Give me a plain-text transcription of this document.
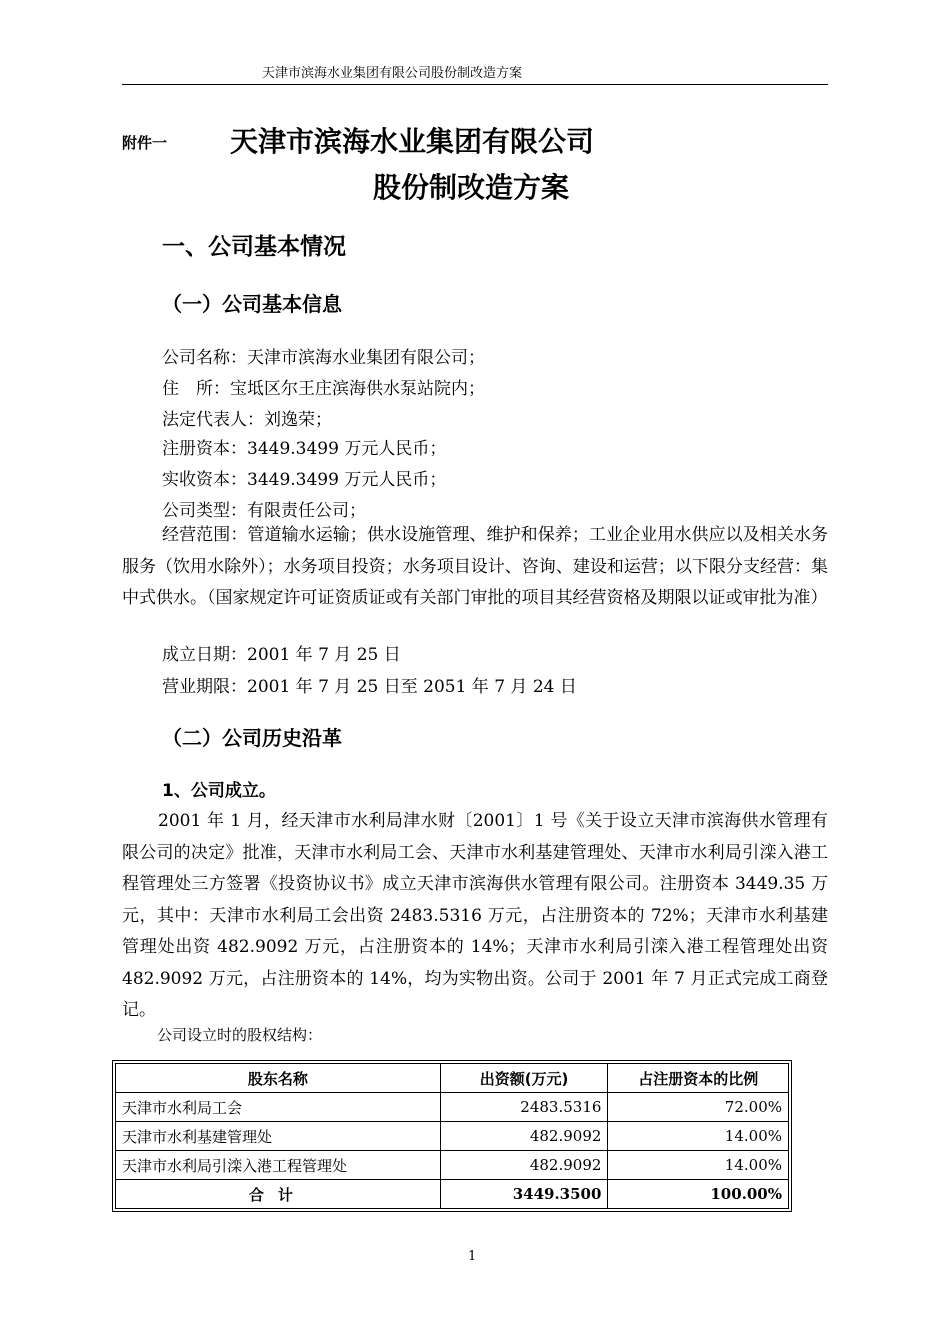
天津市滨海水业集团有限公司股份制改造方案
附件一 天津市滨海水业集团有限公司
股份制改造方案
一、公司基本情况
（一）公司基本信息
公司名称：天津市滨海水业集团有限公司；
住　所：宝坻区尔王庄滨海供水泵站院内；
法定代表人：刘逸荣；
注册资本：3449.3499 万元人民币；
实收资本：3449.3499 万元人民币；
公司类型：有限责任公司；
经营范围：管道输水运输；供水设施管理、维护和保养；工业企业用水供应以及相关水务服务（饮用水除外）；水务项目投资；水务项目设计、咨询、建设和运营；以下限分支经营：集中式供水。（国家规定许可证资质证或有关部门审批的项目其经营资格及期限以证或审批为准）
成立日期：2001 年 7 月 25 日
营业期限：2001 年 7 月 25 日至 2051 年 7 月 24 日
（二）公司历史沿革
1、公司成立。
2001 年 1 月，经天津市水利局津水财〔2001〕1 号《关于设立天津市滨海供水管理有限公司的决定》批准，天津市水利局工会、天津市水利基建管理处、天津市水利局引滦入港工程管理处三方签署《投资协议书》成立天津市滨海供水管理有限公司。注册资本 3449.35 万元，其中：天津市水利局工会出资 2483.5316 万元，占注册资本的 72%；天津市水利基建管理处出资 482.9092 万元，占注册资本的 14%；天津市水利局引滦入港工程管理处出资 482.9092 万元，占注册资本的 14%，均为实物出资。公司于 2001 年 7 月正式完成工商登记。
公司设立时的股权结构：
股东名称	出资额(万元)	占注册资本的比例
天津市水利局工会	2483.5316	72.00%
天津市水利基建管理处	482.9092	14.00%
天津市水利局引滦入港工程管理处	482.9092	14.00%
合计	3449.3500	100.00%
1
